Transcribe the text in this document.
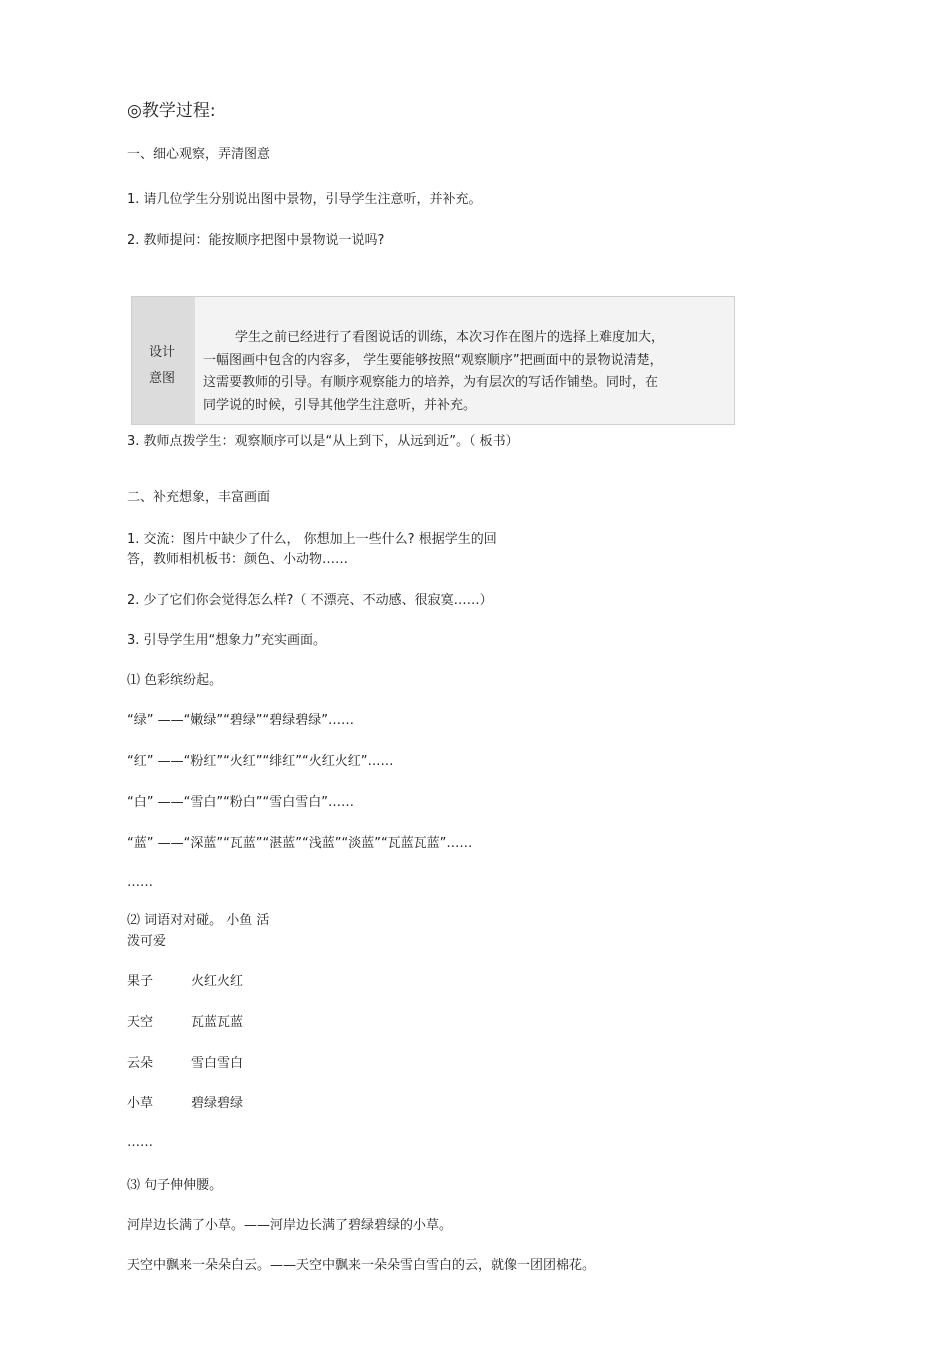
◎教学过程:
一、细心观察，弄清图意
1. 请几位学生分别说出图中景物，引导学生注意听，并补充。
2. 教师提问：能按顺序把图中景物说一说吗?
设计
意图
学生之前已经进行了看图说话的训练，本次习作在图片的选择上难度加大，
一幅图画中包含的内容多， 学生要能够按照“观察顺序”把画面中的景物说清楚，
这需要教师的引导。有顺序观察能力的培养，为有层次的写话作铺垫。同时，在
同学说的时候，引导其他学生注意听，并补充。
3. 教师点拨学生：观察顺序可以是“从上到下，从远到近”。（ 板书）
二、补充想象，丰富画面
1. 交流：图片中缺少了什么， 你想加上一些什么? 根据学生的回
答，教师相机板书：颜色、小动物……
2. 少了它们你会觉得怎么样?（ 不漂亮、不动感、很寂寞……）
3. 引导学生用“想象力”充实画面。
⑴ 色彩缤纷起。
“绿” ——“嫩绿”“碧绿”“碧绿碧绿”……
“红” ——“粉红”“火红”“绯红”“火红火红”……
“白” ——“雪白”“粉白”“雪白雪白”……
“蓝” ——“深蓝”“瓦蓝”“湛蓝”“浅蓝”“淡蓝”“瓦蓝瓦蓝”……
……
⑵ 词语对对碰。 小鱼 活
泼可爱
果子	火红火红
天空	瓦蓝瓦蓝
云朵	雪白雪白
小草	碧绿碧绿
……
⑶ 句子伸伸腰。
河岸边长满了小草。——河岸边长满了碧绿碧绿的小草。
天空中飘来一朵朵白云。——天空中飘来一朵朵雪白雪白的云，就像一团团棉花。
